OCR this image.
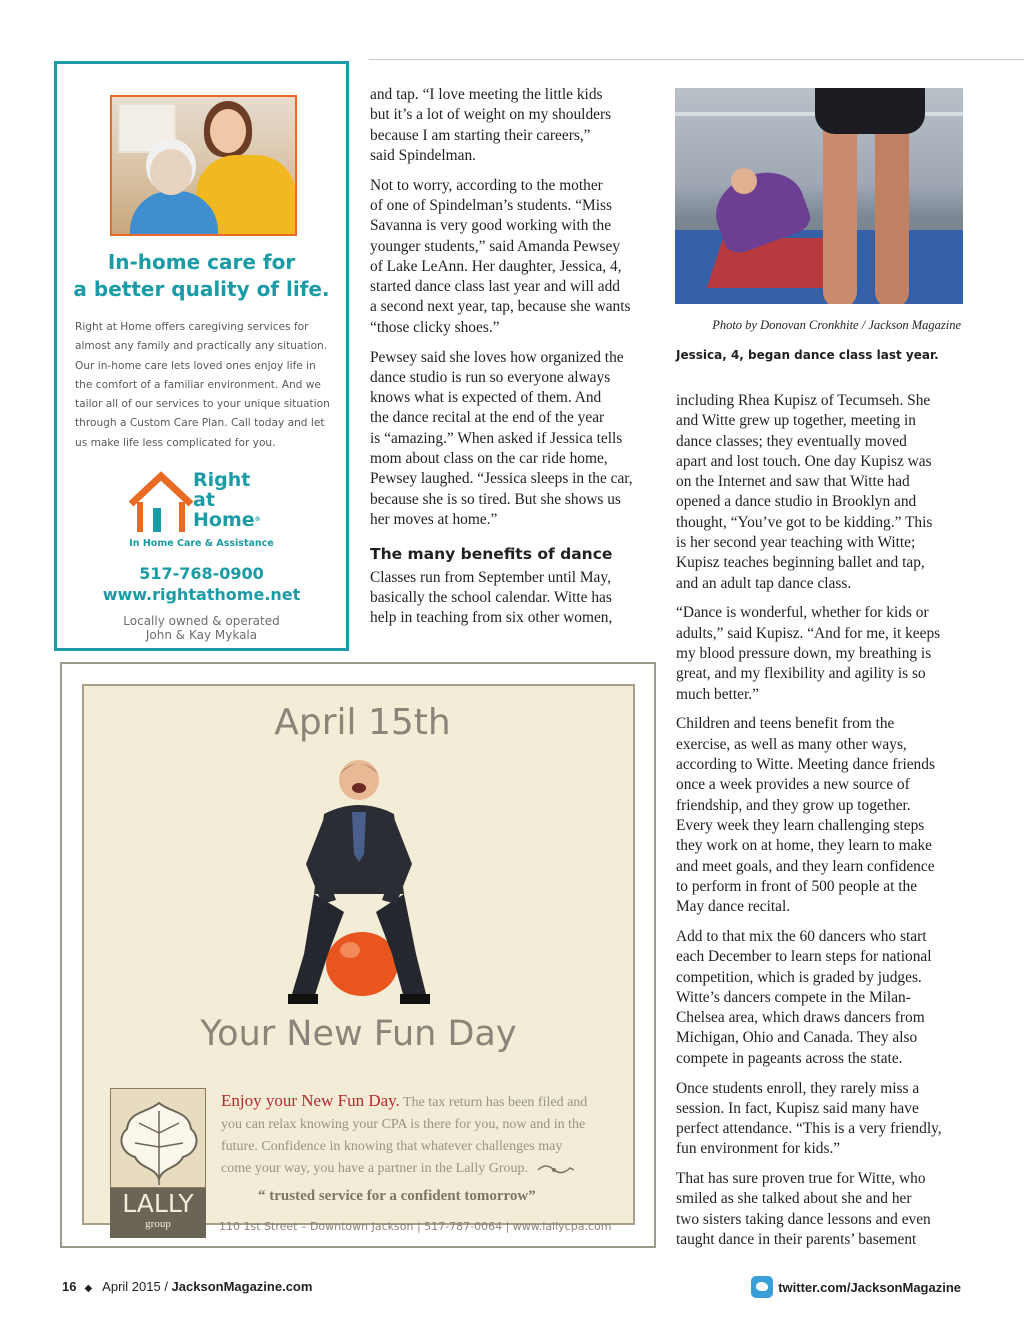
In-home care for
a better quality of life.
Right at Home offers caregiving services for
almost any family and practically any situation.
Our in-home care lets loved ones enjoy life in
the comfort of a familiar environment. And we
tailor all of our services to your unique situation
through a Custom Care Plan. Call today and let
us make life less complicated for you.
Right
at
Home®
In Home Care & Assistance
517-768-0900
www.rightathome.net
Locally owned & operated
John & Kay Mykala
April 15th
Your New Fun Day
LALLY
group
Enjoy your New Fun Day. The tax return has been filed and
you can relax knowing your CPA is there for you, now and in the
future. Confidence in knowing that whatever challenges may
come your way, you have a partner in the Lally Group.
“ trusted service for a confident tomorrow”
110 1st Street – Downtown Jackson | 517-787-0064 | www.lallycpa.com

and tap. “I love meeting the little kids
but it’s a lot of weight on my shoulders
because I am starting their careers,”
said Spindelman.

Not to worry, according to the mother
of one of Spindelman’s students. “Miss
Savanna is very good working with the
younger students,” said Amanda Pewsey
of Lake LeAnn. Her daughter, Jessica, 4,
started dance class last year and will add
a second next year, tap, because she wants
“those clicky shoes.”

Pewsey said she loves how organized the
dance studio is run so everyone always
knows what is expected of them. And
the dance recital at the end of the year
is “amazing.” When asked if Jessica tells
mom about class on the car ride home,
Pewsey laughed. “Jessica sleeps in the car,
because she is so tired. But she shows us
her moves at home.”

The many benefits of dance

Classes run from September until May,
basically the school calendar. Witte has
help in teaching from six other women,

Photo by Donovan Cronkhite / Jackson Magazine
Jessica, 4, began dance class last year.

including Rhea Kupisz of Tecumseh. She
and Witte grew up together, meeting in
dance classes; they eventually moved
apart and lost touch. One day Kupisz was
on the Internet and saw that Witte had
opened a dance studio in Brooklyn and
thought, “You’ve got to be kidding.” This
is her second year teaching with Witte;
Kupisz teaches beginning ballet and tap,
and an adult tap dance class.

“Dance is wonderful, whether for kids or
adults,” said Kupisz. “And for me, it keeps
my blood pressure down, my breathing is
great, and my flexibility and agility is so
much better.”

Children and teens benefit from the
exercise, as well as many other ways,
according to Witte. Meeting dance friends
once a week provides a new source of
friendship, and they grow up together.
Every week they learn challenging steps
they work on at home, they learn to make
and meet goals, and they learn confidence
to perform in front of 500 people at the
May dance recital.

Add to that mix the 60 dancers who start
each December to learn steps for national
competition, which is graded by judges.
Witte’s dancers compete in the Milan-
Chelsea area, which draws dancers from
Michigan, Ohio and Canada. They also
compete in pageants across the state.

Once students enroll, they rarely miss a
session. In fact, Kupisz said many have
perfect attendance. “This is a very friendly,
fun environment for kids.”

That has sure proven true for Witte, who
smiled as she talked about she and her
two sisters taking dance lessons and even
taught dance in their parents’ basement

16 ◆ April 2015 / JacksonMagazine.com	twitter.com/JacksonMagazine
